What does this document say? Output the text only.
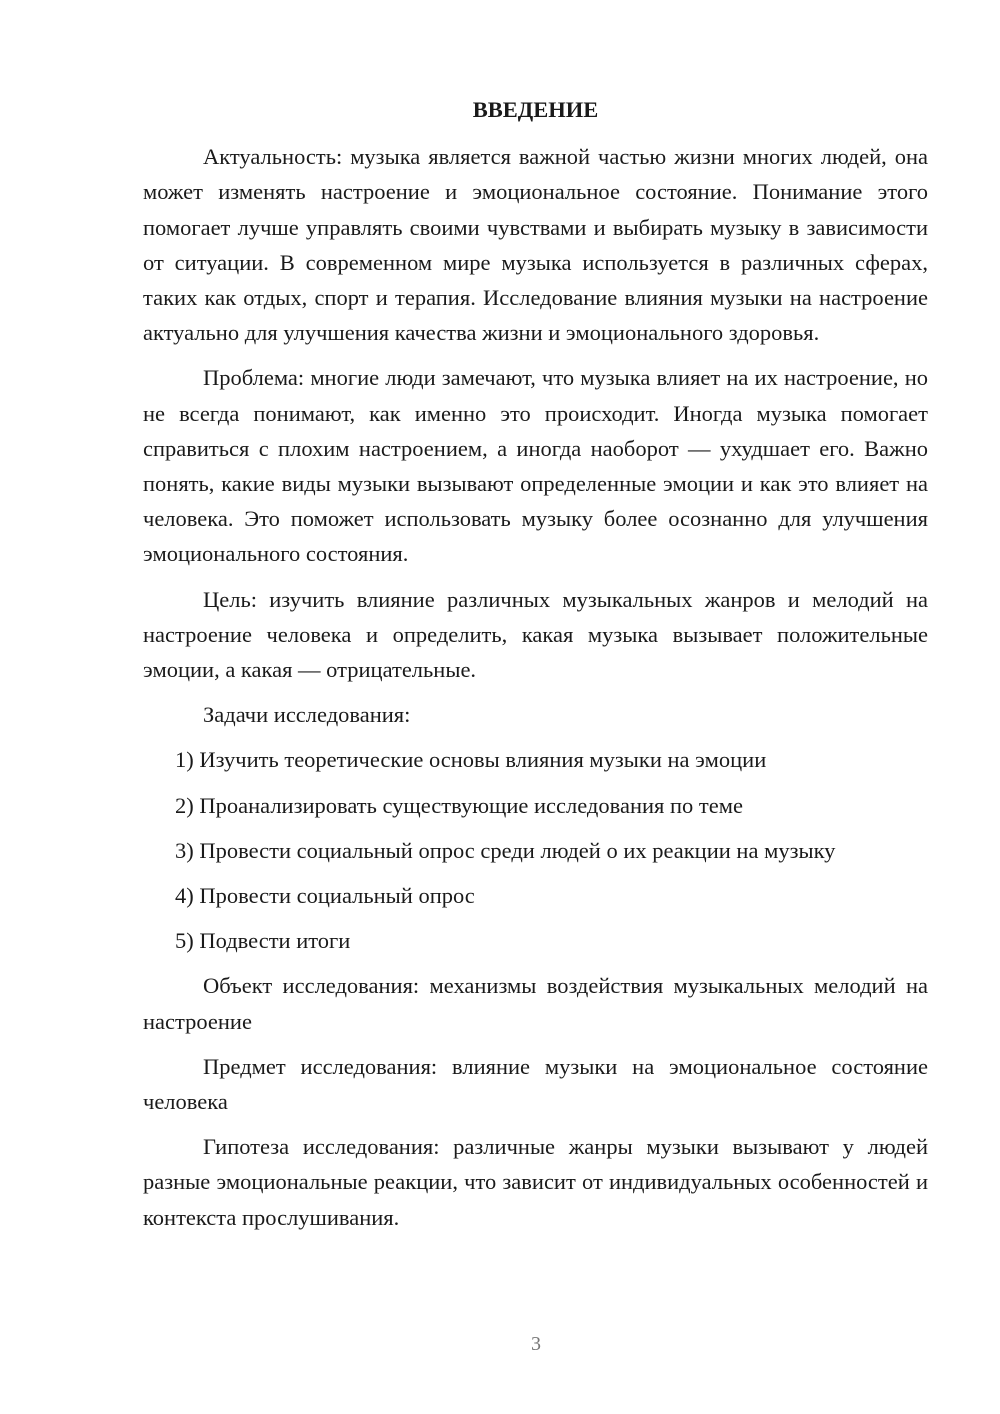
ВВЕДЕНИЕ

Актуальность: музыка является важной частью жизни многих людей, она может изменять настроение и эмоциональное состояние. Понимание этого помогает лучше управлять своими чувствами и выбирать музыку в зависимости от ситуации. В современном мире музыка используется в различных сферах, таких как отдых, спорт и терапия. Исследование влияния музыки на настроение актуально для улучшения качества жизни и эмоционального здоровья.

Проблема: многие люди замечают, что музыка влияет на их настроение, но не всегда понимают, как именно это происходит. Иногда музыка помогает справиться с плохим настроением, а иногда наоборот — ухудшает его. Важно понять, какие виды музыки вызывают определенные эмоции и как это влияет на человека. Это поможет использовать музыку более осознанно для улучшения эмоционального состояния.

Цель: изучить влияние различных музыкальных жанров и мелодий на настроение человека и определить, какая музыка вызывает положительные эмоции, а какая — отрицательные.

Задачи исследования:

1) Изучить теоретические основы влияния музыки на эмоции
2) Проанализировать существующие исследования по теме
3) Провести социальный опрос среди людей о их реакции на музыку
4) Провести социальный опрос
5) Подвести итоги

Объект исследования: механизмы воздействия музыкальных мелодий на настроение

Предмет исследования: влияние музыки на эмоциональное состояние человека

Гипотеза исследования: различные жанры музыки вызывают у людей разные эмоциональные реакции, что зависит от индивидуальных особенностей и контекста прослушивания.

3
